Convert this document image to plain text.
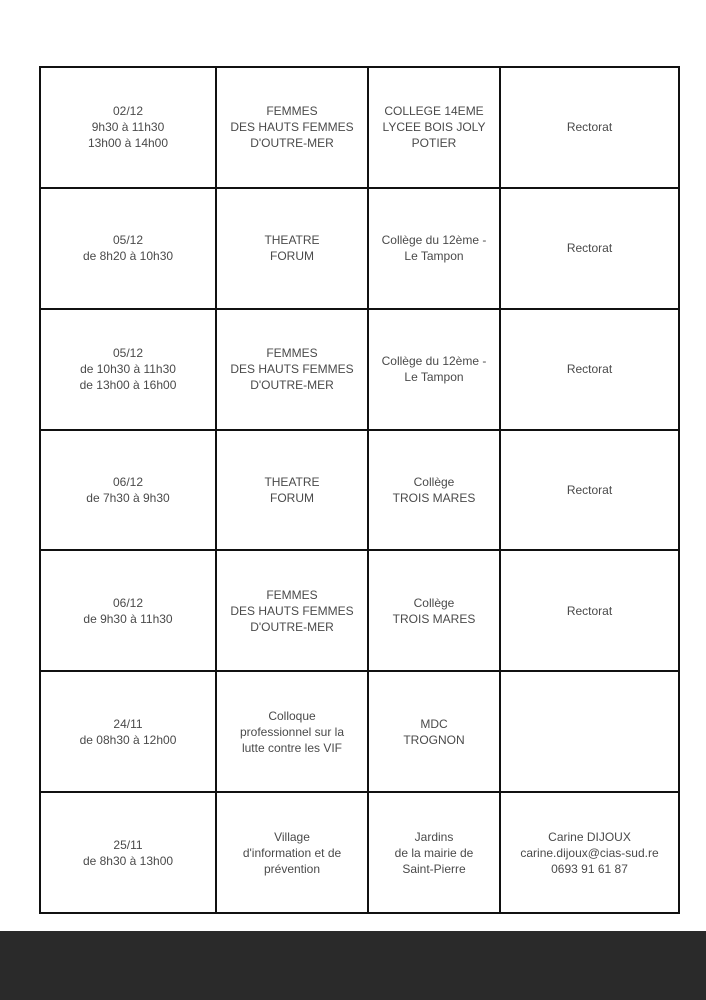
02/12
9h30 à 11h30
13h00 à 14h00	FEMMES
DES HAUTS FEMMES
D'OUTRE-MER	COLLEGE 14EME
LYCEE BOIS JOLY
POTIER	Rectorat
05/12
de 8h20 à 10h30	THEATRE
FORUM	Collège du 12ème -
Le Tampon	Rectorat
05/12
de 10h30 à 11h30
de 13h00 à 16h00	FEMMES
DES HAUTS FEMMES
D'OUTRE-MER	Collège du 12ème -
Le Tampon	Rectorat
06/12
de 7h30 à 9h30	THEATRE
FORUM	Collège
TROIS MARES	Rectorat
06/12
de 9h30 à 11h30	FEMMES
DES HAUTS FEMMES
D'OUTRE-MER	Collège
TROIS MARES	Rectorat
24/11
de 08h30 à 12h00	Colloque
professionnel sur la
lutte contre les VIF	MDC
TROGNON	
25/11
de 8h30 à 13h00	Village
d'information et de
prévention	Jardins
de la mairie de
Saint-Pierre	Carine DIJOUX
carine.dijoux@cias-sud.re
0693 91 61 87
